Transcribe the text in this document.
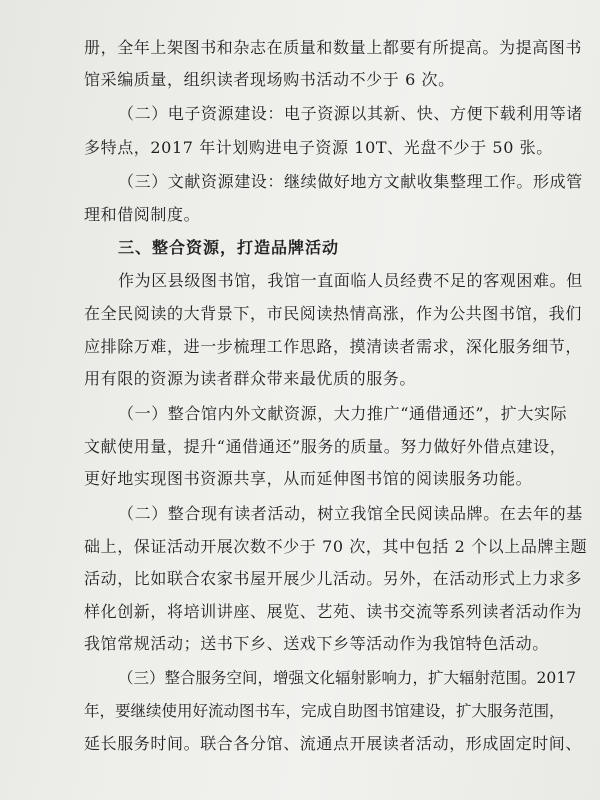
册，全年上架图书和杂志在质量和数量上都要有所提高。为提高图书
馆采编质量，组织读者现场购书活动不少于 6 次。
（二）电子资源建设：电子资源以其新、快、方便下载利用等诸
多特点，2017 年计划购进电子资源 10T、光盘不少于 50 张。
（三）文献资源建设：继续做好地方文献收集整理工作。形成管
理和借阅制度。
三、整合资源，打造品牌活动
作为区县级图书馆，我馆一直面临人员经费不足的客观困难。但
在全民阅读的大背景下，市民阅读热情高涨，作为公共图书馆，我们
应排除万难，进一步梳理工作思路，摸清读者需求，深化服务细节，
用有限的资源为读者群众带来最优质的服务。
（一）整合馆内外文献资源，大力推广“通借通还”，扩大实际
文献使用量，提升“通借通还”服务的质量。努力做好外借点建设，
更好地实现图书资源共享，从而延伸图书馆的阅读服务功能。
（二）整合现有读者活动，树立我馆全民阅读品牌。在去年的基
础上，保证活动开展次数不少于 70 次，其中包括 2 个以上品牌主题
活动，比如联合农家书屋开展少儿活动。另外，在活动形式上力求多
样化创新，将培训讲座、展览、艺苑、读书交流等系列读者活动作为
我馆常规活动；送书下乡、送戏下乡等活动作为我馆特色活动。
（三）整合服务空间，增强文化辐射影响力，扩大辐射范围。2017
年，要继续使用好流动图书车，完成自助图书馆建设，扩大服务范围，
延长服务时间。联合各分馆、流通点开展读者活动，形成固定时间、
